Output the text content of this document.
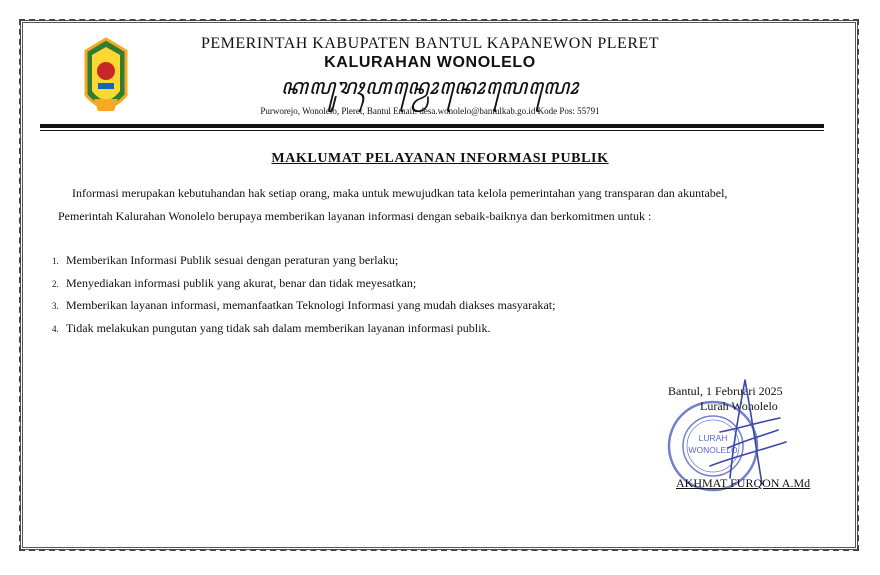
PEMERINTAH KABUPATEN BANTUL KAPANEWON PLERET
KALURAHAN WONOLELO
ꦏꦭꦸꦫꦃꦲꦤ꧀ꦮꦺꦴꦤꦺꦴꦭꦺꦭꦺꦴ
Purworejo, Wonolelo, Pleret, Bantul Email: desa.wonolelo@bantulkab.go.id Kode Pos: 55791
MAKLUMAT PELAYANAN INFORMASI PUBLIK
Informasi merupakan kebutuhandan hak setiap orang, maka untuk mewujudkan tata kelola pemerintahan yang transparan dan akuntabel,
Pemerintah Kalurahan Wonolelo berupaya memberikan layanan informasi dengan sebaik-baiknya dan berkomitmen untuk :
1. Memberikan Informasi Publik sesuai dengan peraturan yang berlaku;
2. Menyediakan informasi publik yang akurat, benar dan tidak meyesatkan;
3. Memberikan layanan informasi, memanfaatkan Teknologi Informasi yang mudah diakses masyarakat;
4. Tidak melakukan pungutan yang tidak sah dalam memberikan layanan informasi publik.
LURAH
WONOLELO
Bantul, 1 Februari 2025
Lurah Wonolelo
AKHMAT FURQON A.Md
